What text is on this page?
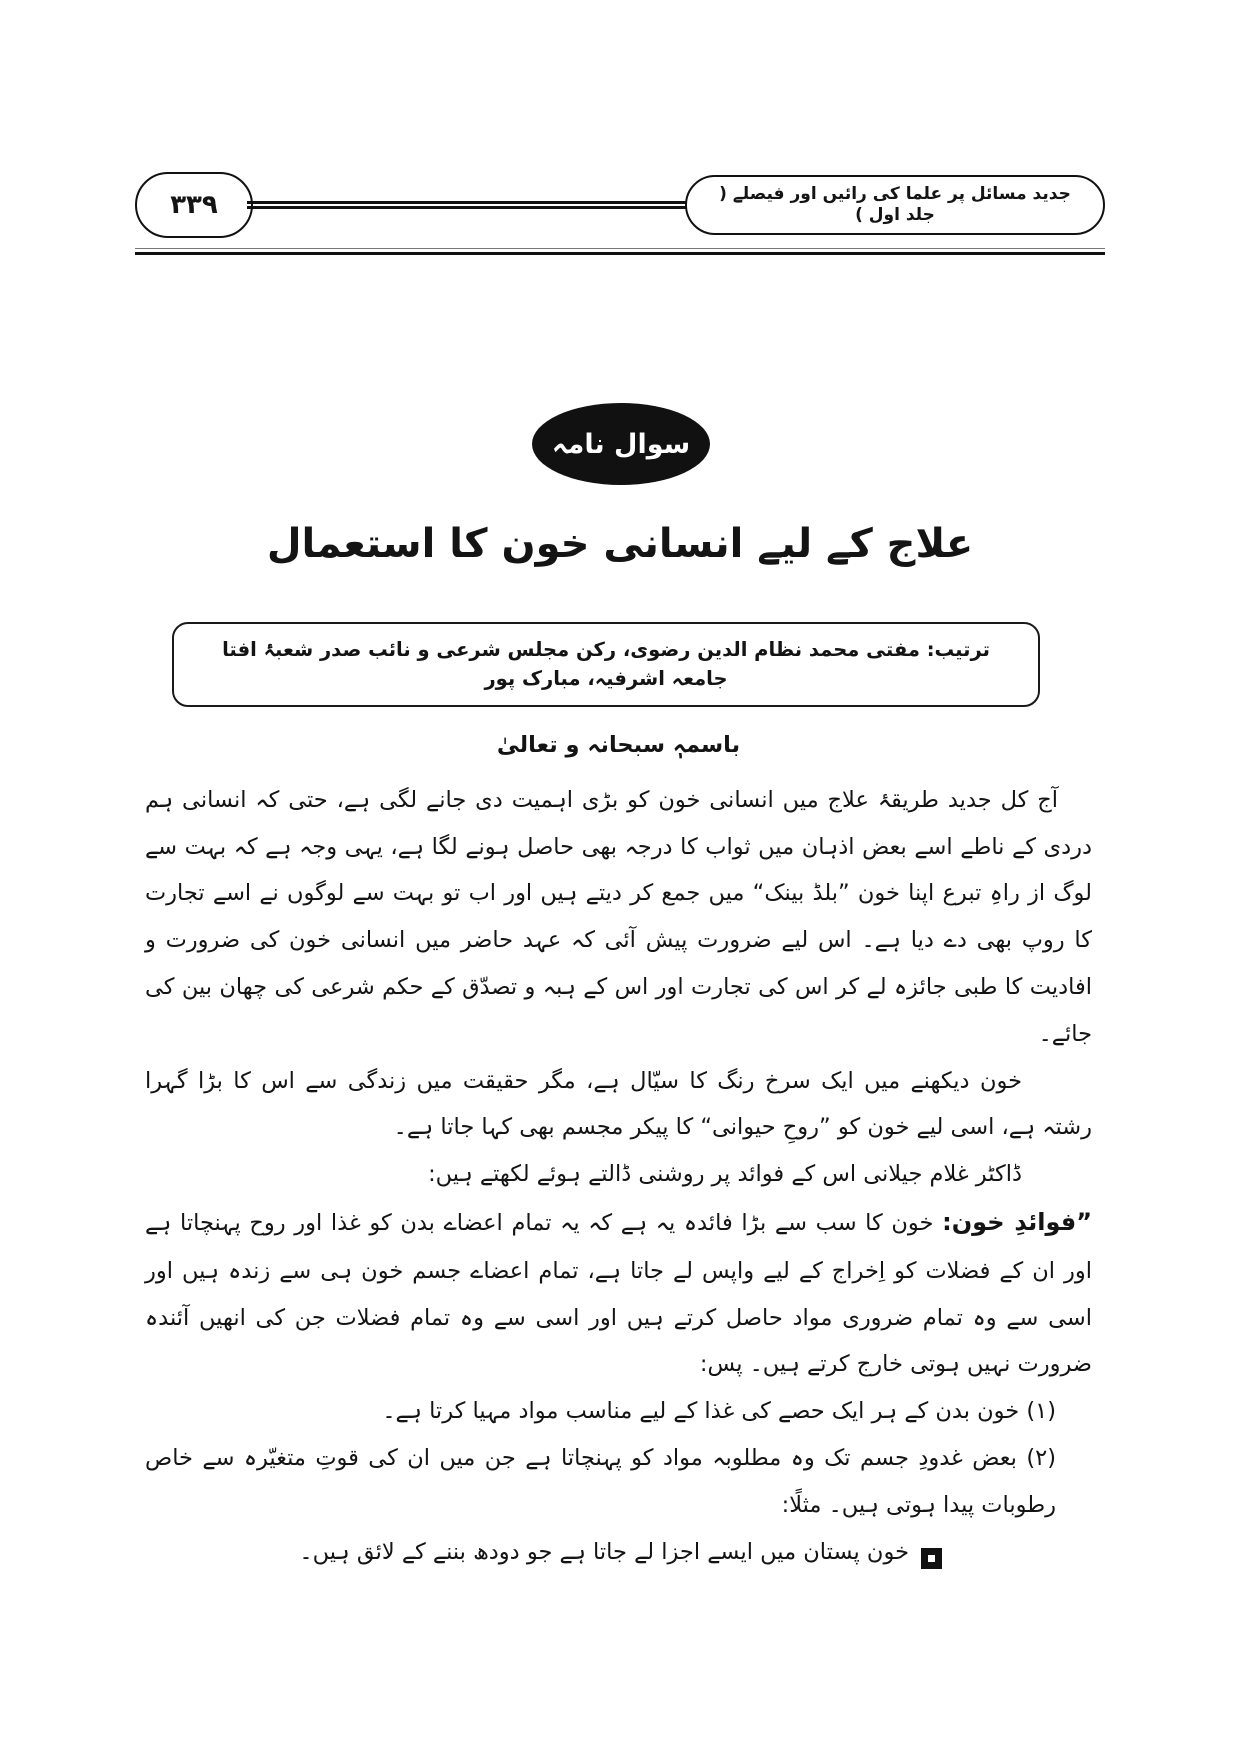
۳۳۹	جدید مسائل پر علما کی رائیں اور فیصلے ( جلد اول )
سوال نامہ
علاج کے لیے انسانی خون کا استعمال
ترتیب: مفتی محمد نظام الدین رضوی، رکن مجلس شرعی و نائب صدر شعبۂ افتا جامعہ اشرفیہ، مبارک پور
باسمہٖ سبحانہ و تعالیٰ

آج کل جدید طریقۂ علاج میں انسانی خون کو بڑی اہمیت دی جانے لگی ہے، حتی کہ انسانی ہم دردی کے ناطے اسے بعض اذہان میں ثواب کا درجہ بھی حاصل ہونے لگا ہے، یہی وجہ ہے کہ بہت سے لوگ از راہِ تبرع اپنا خون ”بلڈ بینک“ میں جمع کر دیتے ہیں اور اب تو بہت سے لوگوں نے اسے تجارت کا روپ بھی دے دیا ہے۔ اس لیے ضرورت پیش آئی کہ عہد حاضر میں انسانی خون کی ضرورت و افادیت کا طبی جائزہ لے کر اس کی تجارت اور اس کے ہبہ و تصدّق کے حکم شرعی کی چھان بین کی جائے۔

خون دیکھنے میں ایک سرخ رنگ کا سیّال ہے، مگر حقیقت میں زندگی سے اس کا بڑا گہرا رشتہ ہے، اسی لیے خون کو ”روحِ حیوانی“ کا پیکر مجسم بھی کہا جاتا ہے۔

ڈاکٹر غلام جیلانی اس کے فوائد پر روشنی ڈالتے ہوئے لکھتے ہیں:

”فوائدِ خون: خون کا سب سے بڑا فائدہ یہ ہے کہ یہ تمام اعضاے بدن کو غذا اور روح پہنچاتا ہے اور ان کے فضلات کو اِخراج کے لیے واپس لے جاتا ہے، تمام اعضاے جسم خون ہی سے زندہ ہیں اور اسی سے وہ تمام ضروری مواد حاصل کرتے ہیں اور اسی سے وہ تمام فضلات جن کی انھیں آئندہ ضرورت نہیں ہوتی خارج کرتے ہیں۔ پس:

(۱) خون بدن کے ہر ایک حصے کی غذا کے لیے مناسب مواد مہیا کرتا ہے۔

(۲) بعض غدودِ جسم تک وہ مطلوبہ مواد کو پہنچاتا ہے جن میں ان کی قوتِ متغیّرہ سے خاص رطوبات پیدا ہوتی ہیں۔ مثلًا:

خون پستان میں ایسے اجزا لے جاتا ہے جو دودھ بننے کے لائق ہیں۔
